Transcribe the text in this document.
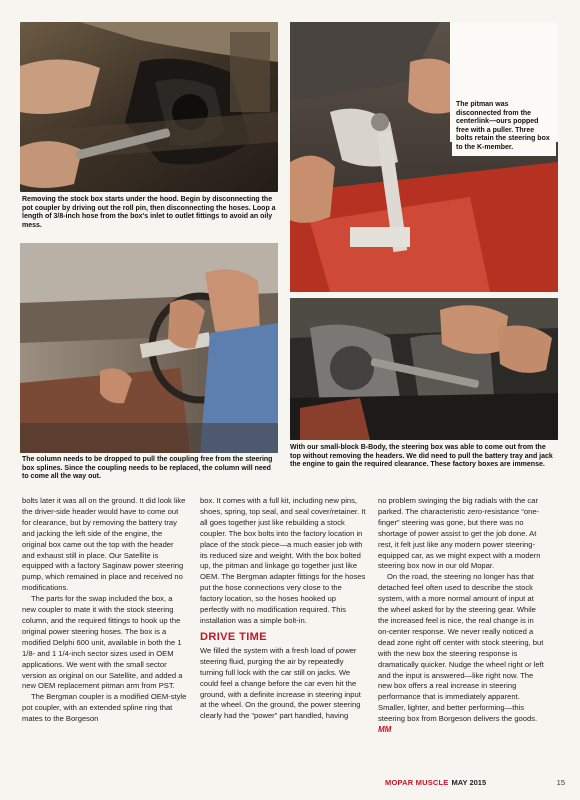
Removing the stock box starts under the hood. Begin by disconnecting the pot coupler by driving out the roll pin, then disconnecting the hoses. Loop a length of 3/8-inch hose from the box's inlet to outlet fittings to avoid an oily mess.

The pitman was disconnected from the centerlink—ours popped free with a puller. Three bolts retain the steering box to the K-member.

The column needs to be dropped to pull the coupling free from the steering box splines. Since the coupling needs to be replaced, the column will need to come all the way out.

With our small-block B-Body, the steering box was able to come out from the top without removing the headers. We did need to pull the battery tray and jack the engine to gain the required clearance. These factory boxes are immense.

bolts later it was all on the ground. It did look like the driver-side header would have to come out for clearance, but by removing the battery tray and jacking the left side of the engine, the original box came out the top with the header and exhaust still in place. Our Satellite is equipped with a factory Saginaw power steering pump, which remained in place and received no modifications.

The parts for the swap included the box, a new coupler to mate it with the stock steering column, and the required fittings to hook up the original power steering hoses. The box is a modified Delphi 600 unit, available in both the 1 1/8- and 1 1/4-inch sector sizes used in OEM applications. We went with the small sector version as original on our Satellite, and added a new OEM replacement pitman arm from PST.

The Bergman coupler is a modified OEM-style pot coupler, with an extended spline ring that mates to the Borgeson

box. It comes with a full kit, including new pins, shoes, spring, top seal, and seal cover/retainer. It all goes together just like rebuilding a stock coupler. The box bolts into the factory location in place of the stock piece—a much easier job with its reduced size and weight. With the box bolted up, the pitman and linkage go together just like OEM. The Bergman adapter fittings for the hoses put the hose connections very close to the factory location, so the hoses hooked up perfectly with no modification required. This installation was a simple bolt-in.

DRIVE TIME

We filled the system with a fresh load of power steering fluid, purging the air by repeatedly turning full lock with the car still on jacks. We could feel a change before the car even hit the ground, with a definite increase in steering input at the wheel. On the ground, the power steering clearly had the “power” part handled, having

no problem swinging the big radials with the car parked. The characteristic zero-resistance “one-finger” steering was gone, but there was no shortage of power assist to get the job done. At rest, it felt just like any modern power steering-equipped car, as we might expect with a modern steering box now in our old Mopar.

On the road, the steering no longer has that detached feel often used to describe the stock system, with a more normal amount of input at the wheel asked for by the steering gear. While the increased feel is nice, the real change is in on-center response. We never really noticed a dead zone right off center with stock steering, but with the new box the steering response is dramatically quicker. Nudge the wheel right or left and the input is answered—like right now. The new box offers a real increase in steering performance that is immediately apparent. Smaller, lighter, and better performing—this steering box from Borgeson delivers the goods. MM

MOPAR MUSCLE MAY 2015	15
